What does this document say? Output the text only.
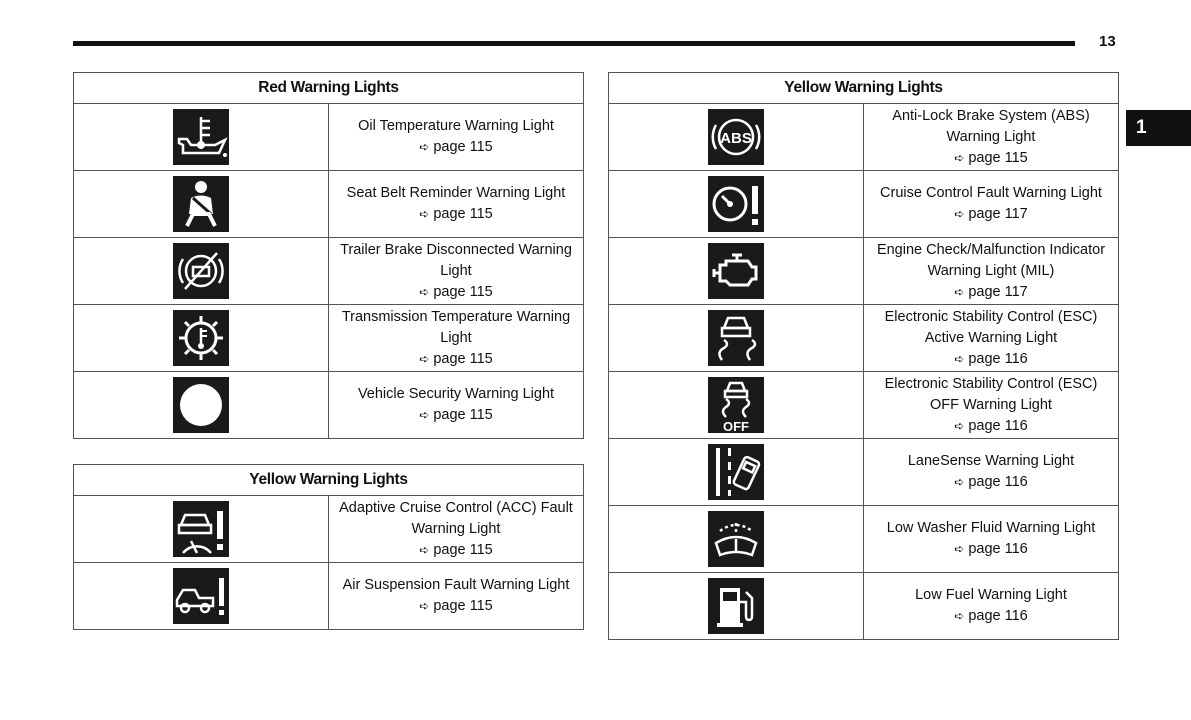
13
1
Red Warning Lights	

Oil Temperature Warning Light
➪ page 115

Seat Belt Reminder Warning Light
➪ page 115

Trailer Brake Disconnected Warning Light
➪ page 115

Transmission Temperature Warning Light
➪ page 115

Vehicle Security Warning Light
➪ page 115
Yellow Warning Lights	

Adaptive Cruise Control (ACC) Fault Warning Light
➪ page 115

Air Suspension Fault Warning Light
➪ page 115
Yellow Warning Lights	

ABS	Anti-Lock Brake System (ABS) Warning Light
➪ page 115

Cruise Control Fault Warning Light
➪ page 117

Engine Check/Malfunction Indicator Warning Light (MIL)
➪ page 117

Electronic Stability Control (ESC) Active Warning Light
➪ page 116

OFF	Electronic Stability Control (ESC) OFF Warning Light
➪ page 116

LaneSense Warning Light
➪ page 116

Low Washer Fluid Warning Light
➪ page 116

Low Fuel Warning Light
➪ page 116
